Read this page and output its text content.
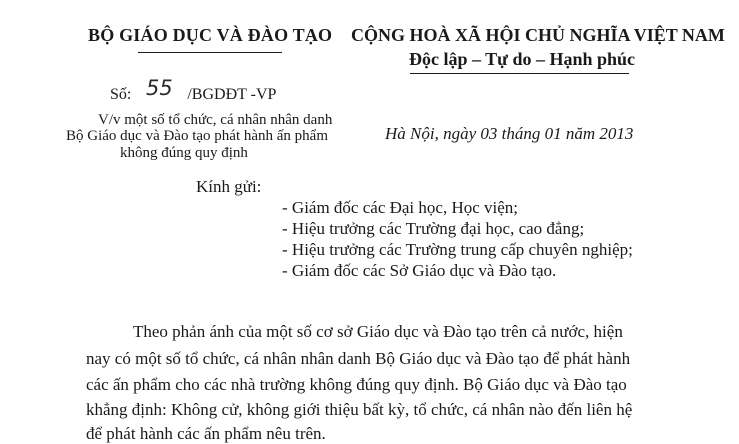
BỘ GIÁO DỤC VÀ ĐÀO TẠO CỘNG HOÀ XÃ HỘI CHỦ NGHĨA VIỆT NAM
Độc lập – Tự do – Hạnh phúc
Số: 55 /BGDĐT -VP
V/v một số tổ chức, cá nhân nhân danh
Bộ Giáo dục và Đào tạo phát hành ấn phẩm
không đúng quy định
Hà Nội, ngày 03 tháng 01 năm 2013
Kính gửi:
- Giám đốc các Đại học, Học viện;
- Hiệu trưởng các Trường đại học, cao đẳng;
- Hiệu trưởng các Trường trung cấp chuyên nghiệp;
- Giám đốc các Sở Giáo dục và Đào tạo.
Theo phản ánh của một số cơ sở Giáo dục và Đào tạo trên cả nước, hiện
nay có một số tổ chức, cá nhân nhân danh Bộ Giáo dục và Đào tạo để phát hành
các ấn phẩm cho các nhà trường không đúng quy định. Bộ Giáo dục và Đào tạo
khẳng định: Không cử, không giới thiệu bất kỳ, tổ chức, cá nhân nào đến liên hệ
để phát hành các ấn phẩm nêu trên.
